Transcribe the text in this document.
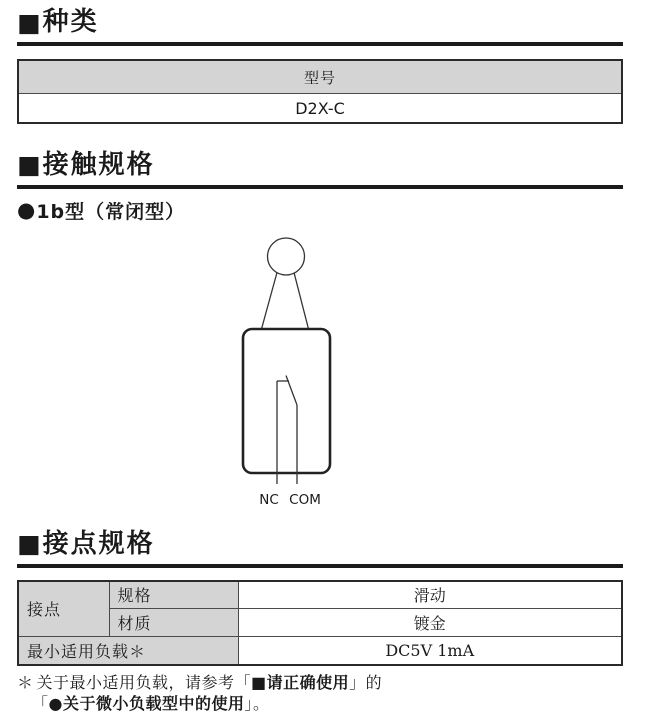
■ 种类
型号
D2X-C
■ 接触规格
● 1b型（常闭型）
NC COM
■ 接点规格
接点	规格	滑动
	材质	镀金
最小适用负载＊		DC5V 1mA
＊ 关于最小适用负载，请参考「■请正确使用」的
「●关于微小负载型中的使用」。
